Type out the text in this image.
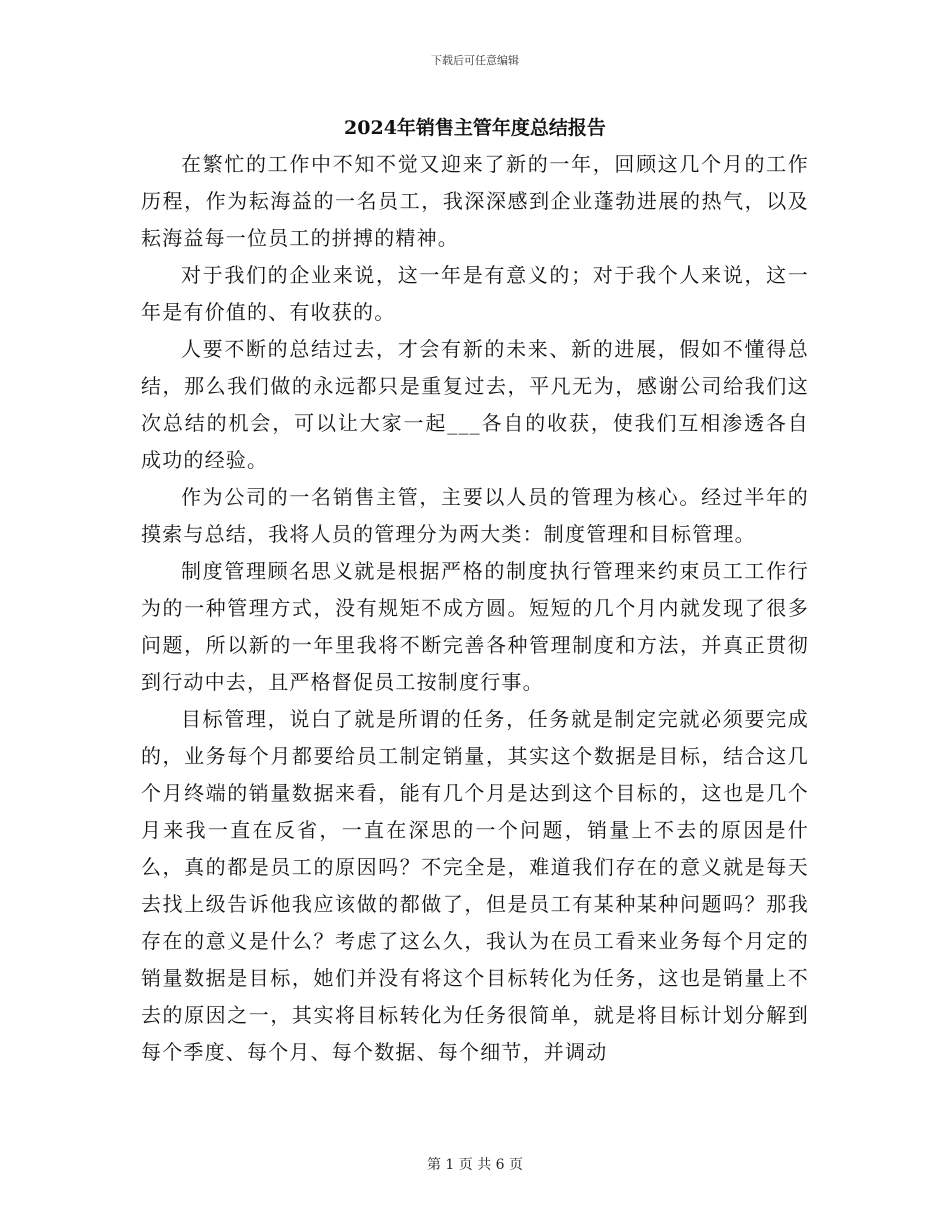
下载后可任意编辑
2024年销售主管年度总结报告

在繁忙的工作中不知不觉又迎来了新的一年，回顾这几个月的工作历程，作为耘海益的一名员工，我深深感到企业蓬勃进展的热气，以及耘海益每一位员工的拼搏的精神。

对于我们的企业来说，这一年是有意义的；对于我个人来说，这一年是有价值的、有收获的。

人要不断的总结过去，才会有新的未来、新的进展，假如不懂得总结，那么我们做的永远都只是重复过去，平凡无为，感谢公司给我们这次总结的机会，可以让大家一起___各自的收获，使我们互相渗透各自成功的经验。

作为公司的一名销售主管，主要以人员的管理为核心。经过半年的摸索与总结，我将人员的管理分为两大类：制度管理和目标管理。

制度管理顾名思义就是根据严格的制度执行管理来约束员工工作行为的一种管理方式，没有规矩不成方圆。短短的几个月内就发现了很多问题，所以新的一年里我将不断完善各种管理制度和方法，并真正贯彻到行动中去，且严格督促员工按制度行事。

目标管理，说白了就是所谓的任务，任务就是制定完就必须要完成的，业务每个月都要给员工制定销量，其实这个数据是目标，结合这几个月终端的销量数据来看，能有几个月是达到这个目标的，这也是几个月来我一直在反省，一直在深思的一个问题，销量上不去的原因是什么，真的都是员工的原因吗？不完全是，难道我们存在的意义就是每天去找上级告诉他我应该做的都做了，但是员工有某种某种问题吗？那我存在的意义是什么？考虑了这么久，我认为在员工看来业务每个月定的销量数据是目标，她们并没有将这个目标转化为任务，这也是销量上不去的原因之一，其实将目标转化为任务很简单，就是将目标计划分解到每个季度、每个月、每个数据、每个细节，并调动

第 1 页 共 6 页
